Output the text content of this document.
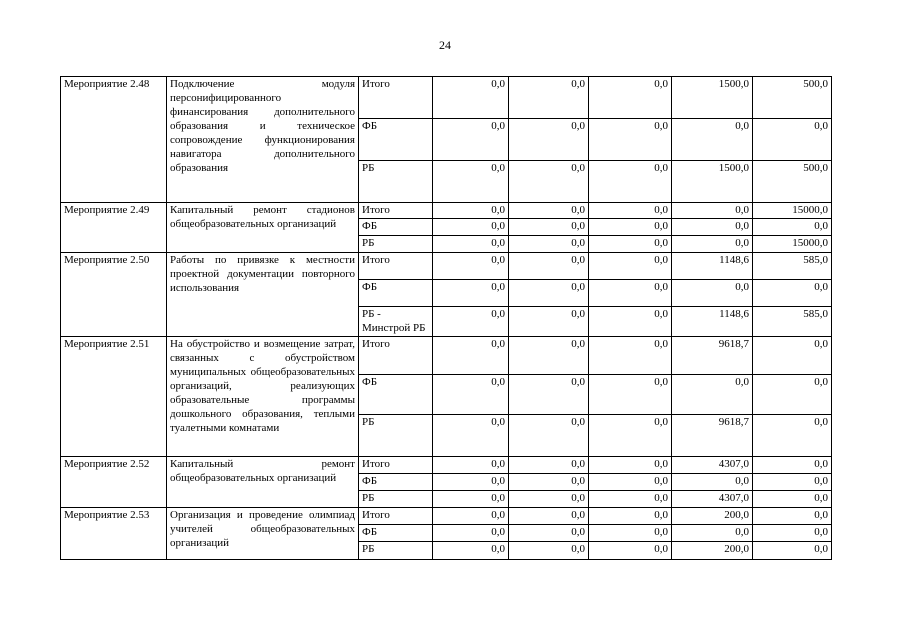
24
Мероприятие 2.48	Подключение модуля персонифицированного финансирования дополнительного образования и техническое сопровождение функционирования навигатора дополнительного образования	Итого	0,0	0,0	0,0	1500,0	500,0
		ФБ	0,0	0,0	0,0	0,0	0,0
		РБ	0,0	0,0	0,0	1500,0	500,0
Мероприятие 2.49	Капитальный ремонт стадионов общеобразовательных организаций	Итого	0,0	0,0	0,0	0,0	15000,0
		ФБ	0,0	0,0	0,0	0,0	0,0
		РБ	0,0	0,0	0,0	0,0	15000,0
Мероприятие 2.50	Работы по привязке к местности проектной документации повторного использования	Итого	0,0	0,0	0,0	1148,6	585,0
		ФБ	0,0	0,0	0,0	0,0	0,0
		РБ - Минстрой РБ	0,0	0,0	0,0	1148,6	585,0
Мероприятие 2.51	На обустройство и возмещение затрат, связанных с обустройством муниципальных общеобразовательных организаций, реализующих образовательные программы дошкольного образования, теплыми туалетными комнатами	Итого	0,0	0,0	0,0	9618,7	0,0
		ФБ	0,0	0,0	0,0	0,0	0,0
		РБ	0,0	0,0	0,0	9618,7	0,0
Мероприятие 2.52	Капитальный ремонт общеобразовательных организаций	Итого	0,0	0,0	0,0	4307,0	0,0
		ФБ	0,0	0,0	0,0	0,0	0,0
		РБ	0,0	0,0	0,0	4307,0	0,0
Мероприятие 2.53	Организация и проведение олимпиад учителей общеобразовательных организаций	Итого	0,0	0,0	0,0	200,0	0,0
		ФБ	0,0	0,0	0,0	0,0	0,0
		РБ	0,0	0,0	0,0	200,0	0,0
